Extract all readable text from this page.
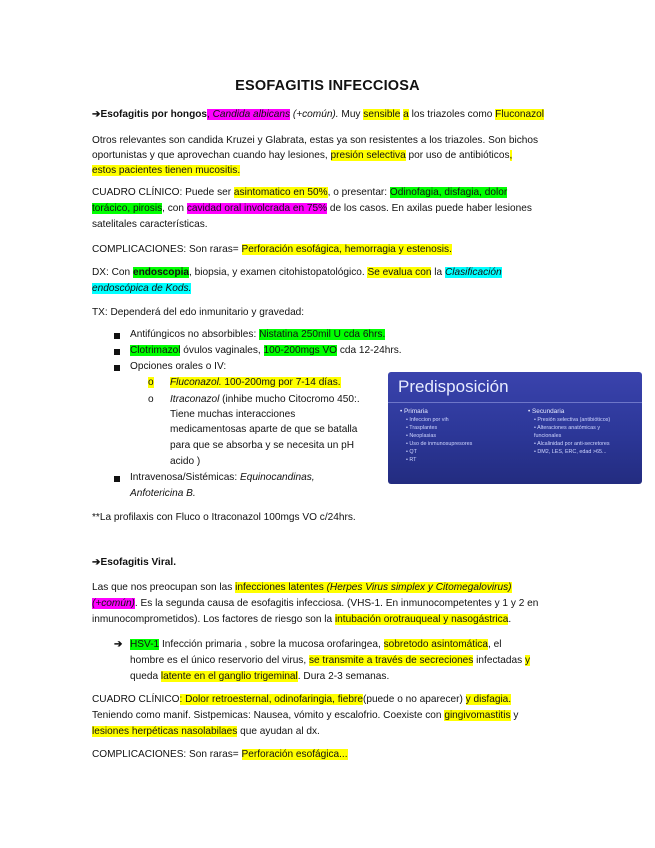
ESOFAGITIS INFECCIOSA
➔Esofagitis por hongos, Candida albicans (+común). Muy sensible a los triazoles como Fluconazol
Otros relevantes son candida Kruzei y Glabrata, estas ya son resistentes a los triazoles. Son bichos
oportunistas y que aprovechan cuando hay lesiones, presión selectiva por uso de antibióticos,
estos pacientes tienen mucositis.
CUADRO CLÍNICO: Puede ser asintomatico en 50%, o presentar: Odinofagia, disfagia, dolor
torácico, pirosis, con cavidad oral involcrada en 75% de los casos. En axilas puede haber lesiones
satelitales características.
COMPLICACIONES: Son raras= Perforación esofágica, hemorragia y estenosis.
DX: Con endoscopia, biopsia, y examen citohistopatológico. Se evalua con la Clasificación
endoscópica de Kods.
TX: Dependerá del edo inmunitario y gravedad:
Antifúngicos no absorbibles: Nistatina 250mil U cda 6hrs.
Clotrimazol óvulos vaginales, 100-200mgs VO cda 12-24hrs.
Opciones orales o IV:
o Fluconazol. 100-200mg por 7-14 días.
o Itraconazol (inhibe mucho Citocromo 450:.
Tiene muchas interacciones
medicamentosas aparte de que se batalla
para que se absorba y se necesita un pH
acido )
Intravenosa/Sistémicas: Equinocandinas,
Anfotericina B.
**La profilaxis con Fluco o Itraconazol 100mgs VO c/24hrs.
Predisposición
• Primaria
• Infeccion por vih
• Trasplantes
• Neoplasias
• Uso de inmunosupresores
• QT
• RT
• Secundaria
• Presión selectiva (antibióticos)
• Alteraciones anatómicas y
funcionales
• Alcalinidad por anti-secretores
• DM2, LES, ERC, edad >65...
➔Esofagitis Viral.
Las que nos preocupan son las infecciones latentes (Herpes Virus simplex y Citomegalovirus)
(+común). Es la segunda causa de esofagitis infecciosa. (VHS-1. En inmunocompetentes y 1 y 2 en
inmunocomprometidos). Los factores de riesgo son la intubación orotrauqueal y nasogástrica.
➔ HSV-1 Infección primaria , sobre la mucosa orofaringea, sobretodo asintomática, el
hombre es el único reservorio del virus, se transmite a través de secreciones infectadas y
queda latente en el ganglio trigeminal. Dura 2-3 semanas.
CUADRO CLÍNICO: Dolor retroesternal, odinofaringia, fiebre(puede o no aparecer) y disfagia.
Teniendo como manif. Sistpemicas: Nausea, vómito y escalofrio. Coexiste con gingivomastitis y
lesiones herpéticas nasolabilaes que ayudan al dx.
COMPLICACIONES: Son raras= Perforación esofágica...
